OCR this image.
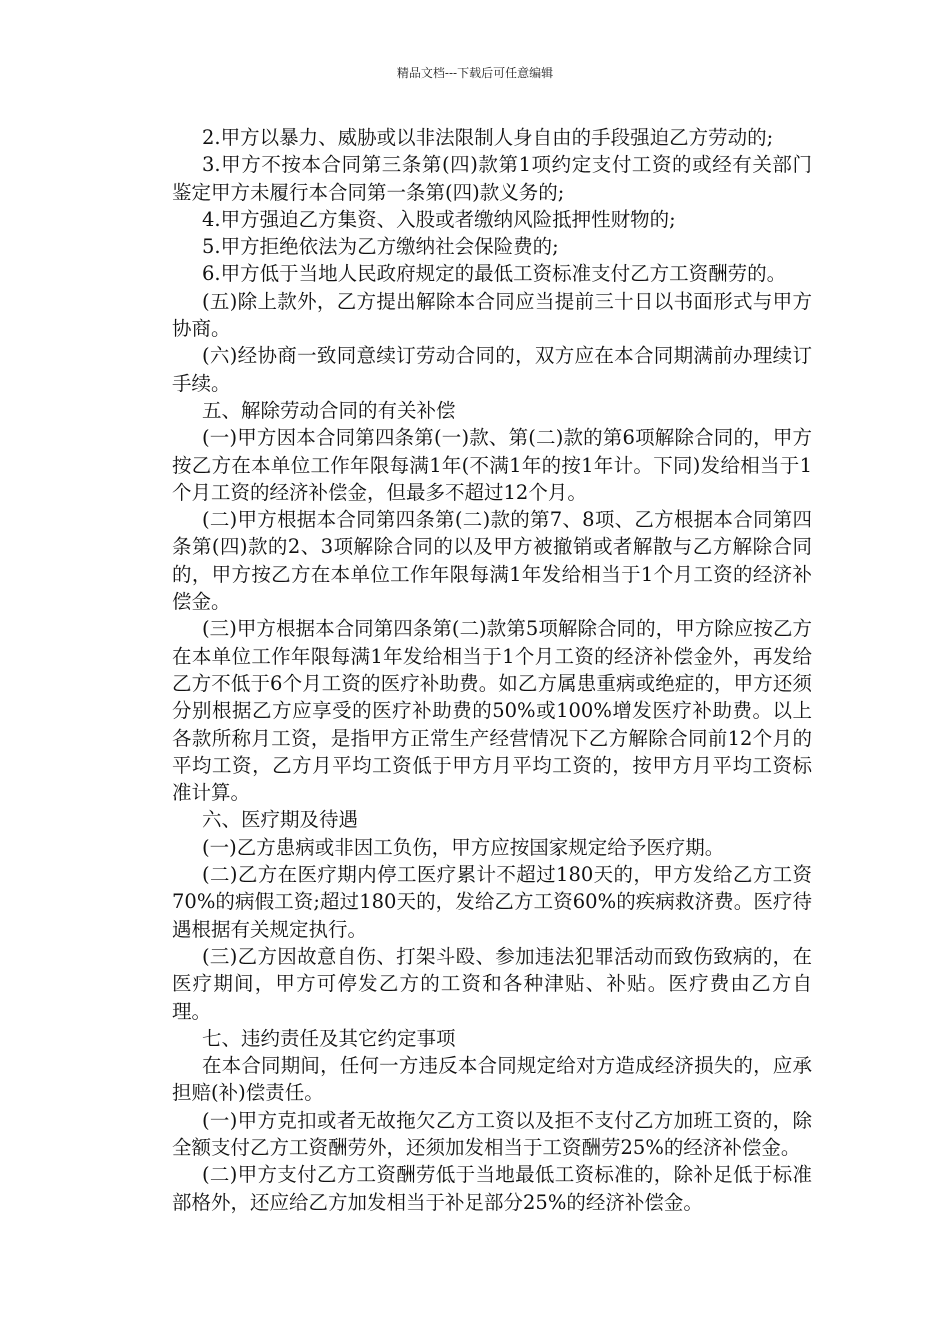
精品文档---下载后可任意编辑

2.甲方以暴力、威胁或以非法限制人身自由的手段强迫乙方劳动的;

3.甲方不按本合同第三条第(四)款第1项约定支付工资的或经有关部门鉴定甲方未履行本合同第一条第(四)款义务的;

4.甲方强迫乙方集资、入股或者缴纳风险抵押性财物的;

5.甲方拒绝依法为乙方缴纳社会保险费的;

6.甲方低于当地人民政府规定的最低工资标准支付乙方工资酬劳的。

(五)除上款外，乙方提出解除本合同应当提前三十日以书面形式与甲方协商。

(六)经协商一致同意续订劳动合同的，双方应在本合同期满前办理续订手续。

五、解除劳动合同的有关补偿

(一)甲方因本合同第四条第(一)款、第(二)款的第6项解除合同的，甲方按乙方在本单位工作年限每满1年(不满1年的按1年计。下同)发给相当于1个月工资的经济补偿金，但最多不超过12个月。

(二)甲方根据本合同第四条第(二)款的第7、8项、乙方根据本合同第四条第(四)款的2、3项解除合同的以及甲方被撤销或者解散与乙方解除合同的，甲方按乙方在本单位工作年限每满1年发给相当于1个月工资的经济补偿金。

(三)甲方根据本合同第四条第(二)款第5项解除合同的，甲方除应按乙方在本单位工作年限每满1年发给相当于1个月工资的经济补偿金外，再发给乙方不低于6个月工资的医疗补助费。如乙方属患重病或绝症的，甲方还须分别根据乙方应享受的医疗补助费的50%或100%增发医疗补助费。以上各款所称月工资，是指甲方正常生产经营情况下乙方解除合同前12个月的平均工资，乙方月平均工资低于甲方月平均工资的，按甲方月平均工资标准计算。

六、医疗期及待遇

(一)乙方患病或非因工负伤，甲方应按国家规定给予医疗期。

(二)乙方在医疗期内停工医疗累计不超过180天的，甲方发给乙方工资70%的病假工资;超过180天的，发给乙方工资60%的疾病救济费。医疗待遇根据有关规定执行。

(三)乙方因故意自伤、打架斗殴、参加违法犯罪活动而致伤致病的，在医疗期间，甲方可停发乙方的工资和各种津贴、补贴。医疗费由乙方自理。

七、违约责任及其它约定事项

在本合同期间，任何一方违反本合同规定给对方造成经济损失的，应承担赔(补)偿责任。

(一)甲方克扣或者无故拖欠乙方工资以及拒不支付乙方加班工资的，除全额支付乙方工资酬劳外，还须加发相当于工资酬劳25%的经济补偿金。

(二)甲方支付乙方工资酬劳低于当地最低工资标准的，除补足低于标准部格外，还应给乙方加发相当于补足部分25%的经济补偿金。
